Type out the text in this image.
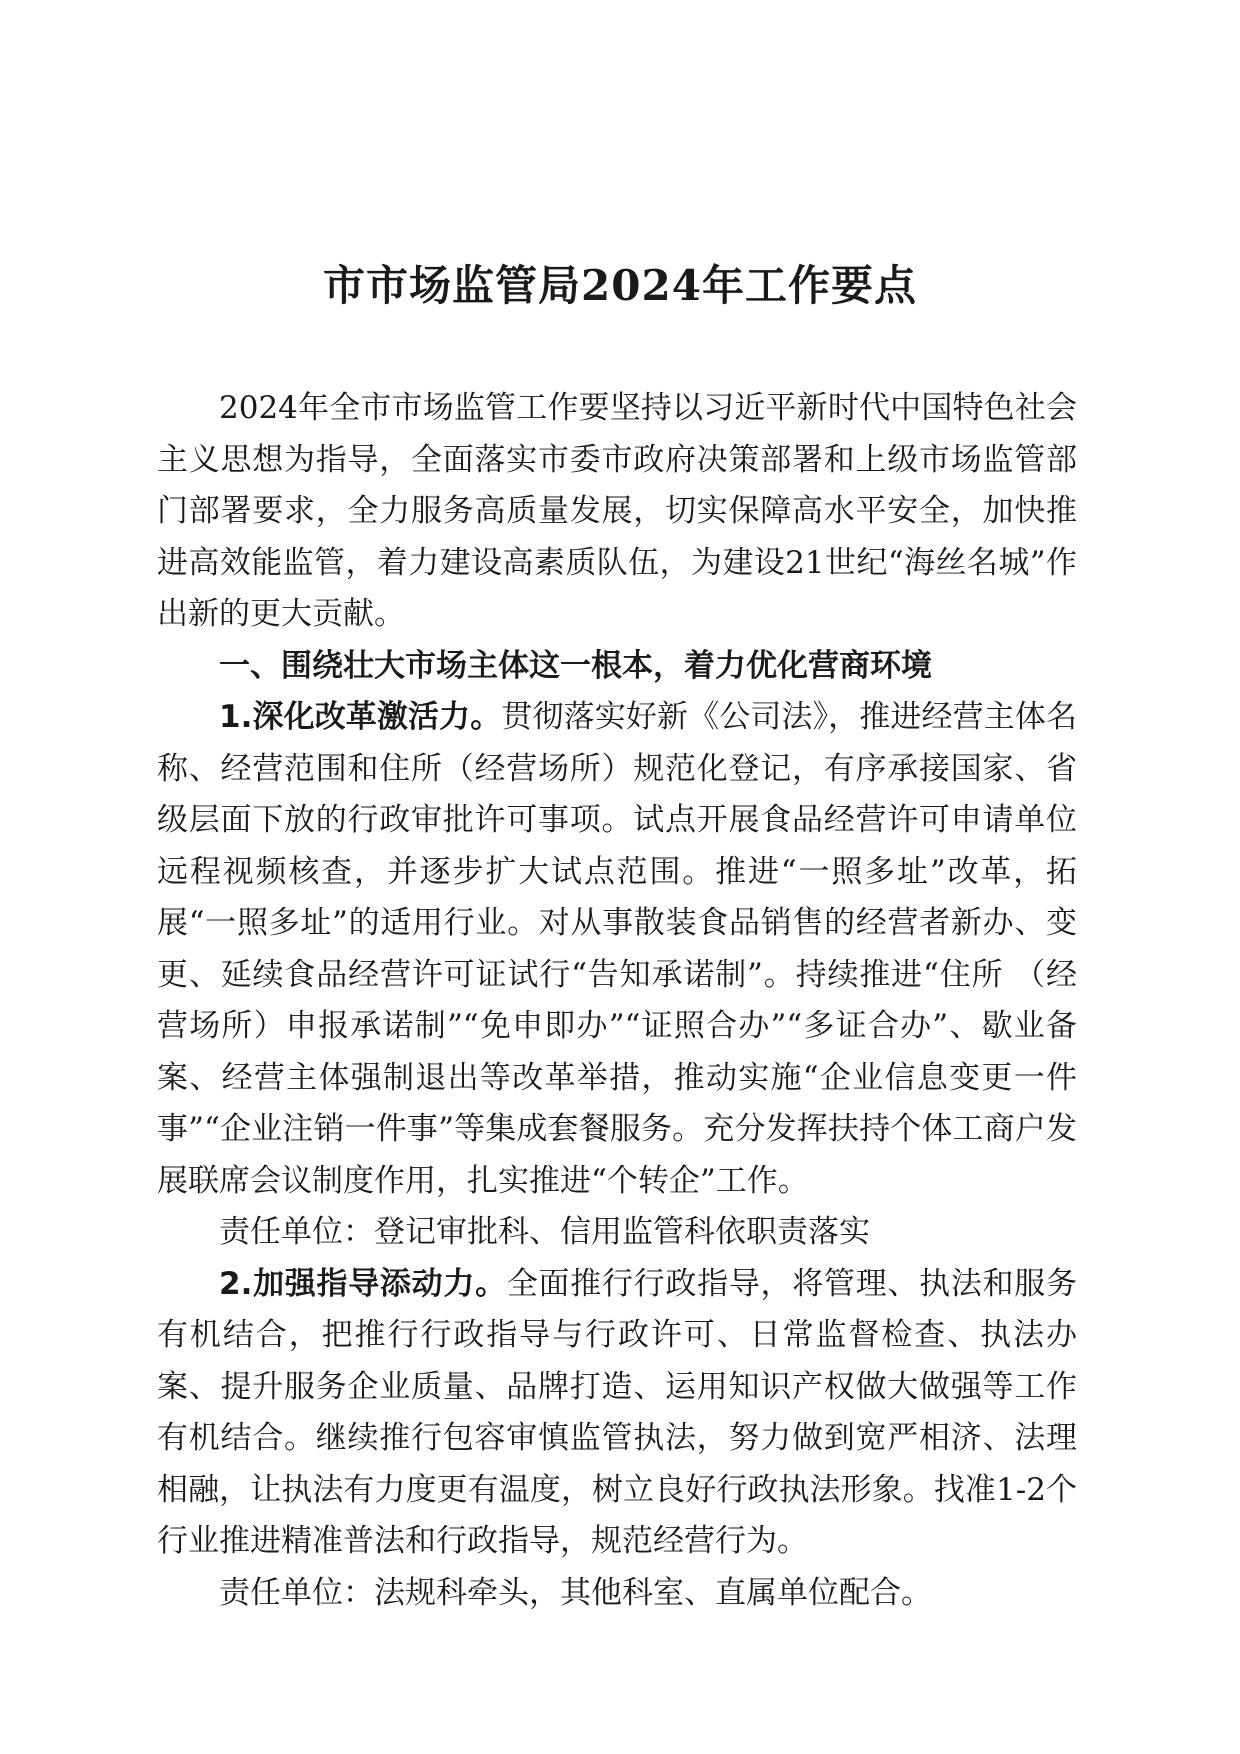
市市场监管局2024年工作要点

2024年全市市场监管工作要坚持以习近平新时代中国特色社会主义思想为指导，全面落实市委市政府决策部署和上级市场监管部门部署要求，全力服务高质量发展，切实保障高水平安全，加快推进高效能监管，着力建设高素质队伍，为建设21世纪“海丝名城”作出新的更大贡献。

一、围绕壮大市场主体这一根本，着力优化营商环境

1.深化改革激活力。贯彻落实好新《公司法》，推进经营主体名称、经营范围和住所（经营场所）规范化登记，有序承接国家、省级层面下放的行政审批许可事项。试点开展食品经营许可申请单位远程视频核查，并逐步扩大试点范围。推进“一照多址”改革，拓展“一照多址”的适用行业。对从事散装食品销售的经营者新办、变更、延续食品经营许可证试行“告知承诺制”。持续推进“住所 （经营场所）申报承诺制”“免申即办”“证照合办”“多证合办”、歇业备案、经营主体强制退出等改革举措，推动实施“企业信息变更一件事”“企业注销一件事”等集成套餐服务。充分发挥扶持个体工商户发展联席会议制度作用，扎实推进“个转企”工作。

责任单位：登记审批科、信用监管科依职责落实

2.加强指导添动力。全面推行行政指导，将管理、执法和服务有机结合，把推行行政指导与行政许可、日常监督检查、执法办案、提升服务企业质量、品牌打造、运用知识产权做大做强等工作有机结合。继续推行包容审慎监管执法，努力做到宽严相济、法理相融，让执法有力度更有温度，树立良好行政执法形象。找准1-2个行业推进精准普法和行政指导，规范经营行为。

责任单位：法规科牵头，其他科室、直属单位配合。
